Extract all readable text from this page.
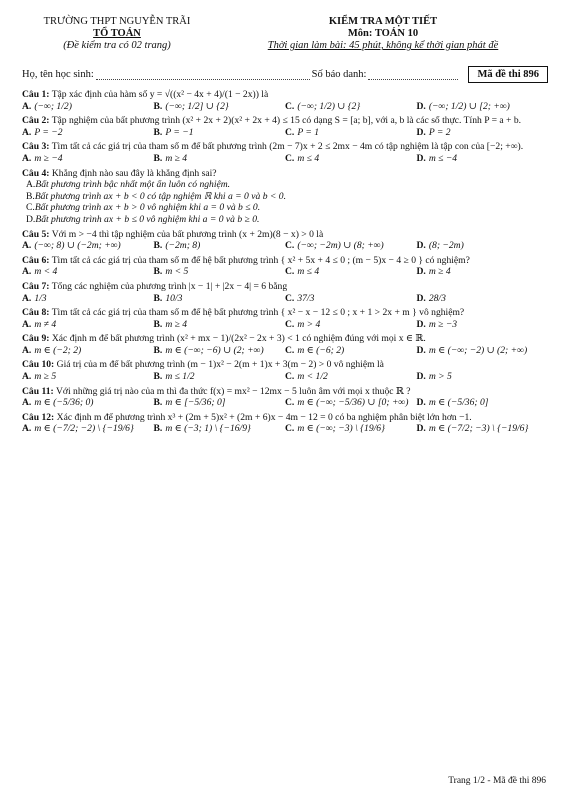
TRƯỜNG THPT NGUYỄN TRÃI
TỔ TOÁN
(Đề kiểm tra có 02 trang)
KIỂM TRA MỘT TIẾT
Môn: TOÁN 10
Thời gian làm bài: 45 phút, không kể thời gian phát đề
Họ, tên học sinh:	Số báo danh:	Mã đề thi 896
Câu 1: Tập xác định của hàm số y = √((x² − 4x + 4)/(1 − 2x)) là
A. (−∞; 1/2)	B. (−∞; 1/2] ∪ {2}	C. (−∞; 1/2) ∪ {2}	D. (−∞; 1/2) ∪ [2; +∞)
Câu 2: Tập nghiệm của bất phương trình (x² + 2x + 2)(x² + 2x + 4) ≤ 15 có dạng S = [a; b], với a, b là các số thực. Tính P = a + b.
A. P = −2	B. P = −1	C. P = 1	D. P = 2
Câu 3: Tìm tất cả các giá trị của tham số m để bất phương trình (2m − 7)x + 2 ≤ 2mx − 4m có tập nghiệm là tập con của [−2; +∞).
A. m ≥ −4	B. m ≥ 4	C. m ≤ 4	D. m ≤ −4
Câu 4: Khẳng định nào sau đây là khẳng định sai?
A.Bất phương trình bậc nhất một ẩn luôn có nghiệm.
B.Bất phương trình ax + b < 0 có tập nghiệm ℝ khi a = 0 và b < 0.
C.Bất phương trình ax + b > 0 vô nghiệm khi a = 0 và b ≤ 0.
D.Bất phương trình ax + b ≤ 0 vô nghiệm khi a = 0 và b ≥ 0.
Câu 5: Với m > −4 thì tập nghiệm của bất phương trình (x + 2m)(8 − x) > 0 là
A. (−∞; 8) ∪ (−2m; +∞)	B. (−2m; 8)	C. (−∞; −2m) ∪ (8; +∞)	D. (8; −2m)
Câu 6: Tìm tất cả các giá trị của tham số m để hệ bất phương trình { x² + 5x + 4 ≤ 0 ; (m − 5)x − 4 ≥ 0 } có nghiệm?
A. m < 4	B. m < 5	C. m ≤ 4	D. m ≥ 4
Câu 7: Tổng các nghiệm của phương trình |x − 1| + |2x − 4| = 6 bằng
A. 1/3	B. 10/3	C. 37/3	D. 28/3
Câu 8: Tìm tất cả các giá trị của tham số m để hệ bất phương trình { x² − x − 12 ≤ 0 ; x + 1 > 2x + m } vô nghiệm?
A. m ≠ 4	B. m ≥ 4	C. m > 4	D. m ≥ −3
Câu 9: Xác định m để bất phương trình (x² + mx − 1)/(2x² − 2x + 3) < 1 có nghiệm đúng với mọi x ∈ ℝ.
A. m ∈ (−2; 2)	B. m ∈ (−∞; −6) ∪ (2; +∞)	C. m ∈ (−6; 2)	D. m ∈ (−∞; −2) ∪ (2; +∞)
Câu 10: Giá trị của m để bất phương trình (m − 1)x² − 2(m + 1)x + 3(m − 2) > 0 vô nghiệm là
A. m ≥ 5	B. m ≤ 1/2	C. m < 1/2	D. m > 5
Câu 11: Với những giá trị nào của m thì đa thức f(x) = mx² − 12mx − 5 luôn âm với mọi x thuộc ℝ ?
A. m ∈ (−5/36; 0)	B. m ∈ [−5/36; 0]	C. m ∈ (−∞; −5/36) ∪ [0; +∞) D. m ∈ (−5/36; 0]
Câu 12: Xác định m để phương trình x³ + (2m + 5)x² + (2m + 6)x − 4m − 12 = 0 có ba nghiệm phân biệt lớn hơn −1.
A. m ∈ (−7/2; −2) \ {−19/6}	B. m ∈ (−3; 1) \ {−16/9}	C. m ∈ (−∞; −3) \ {19/6}	D. m ∈ (−7/2; −3) \ {−19/6}
Trang 1/2 - Mã đề thi 896
